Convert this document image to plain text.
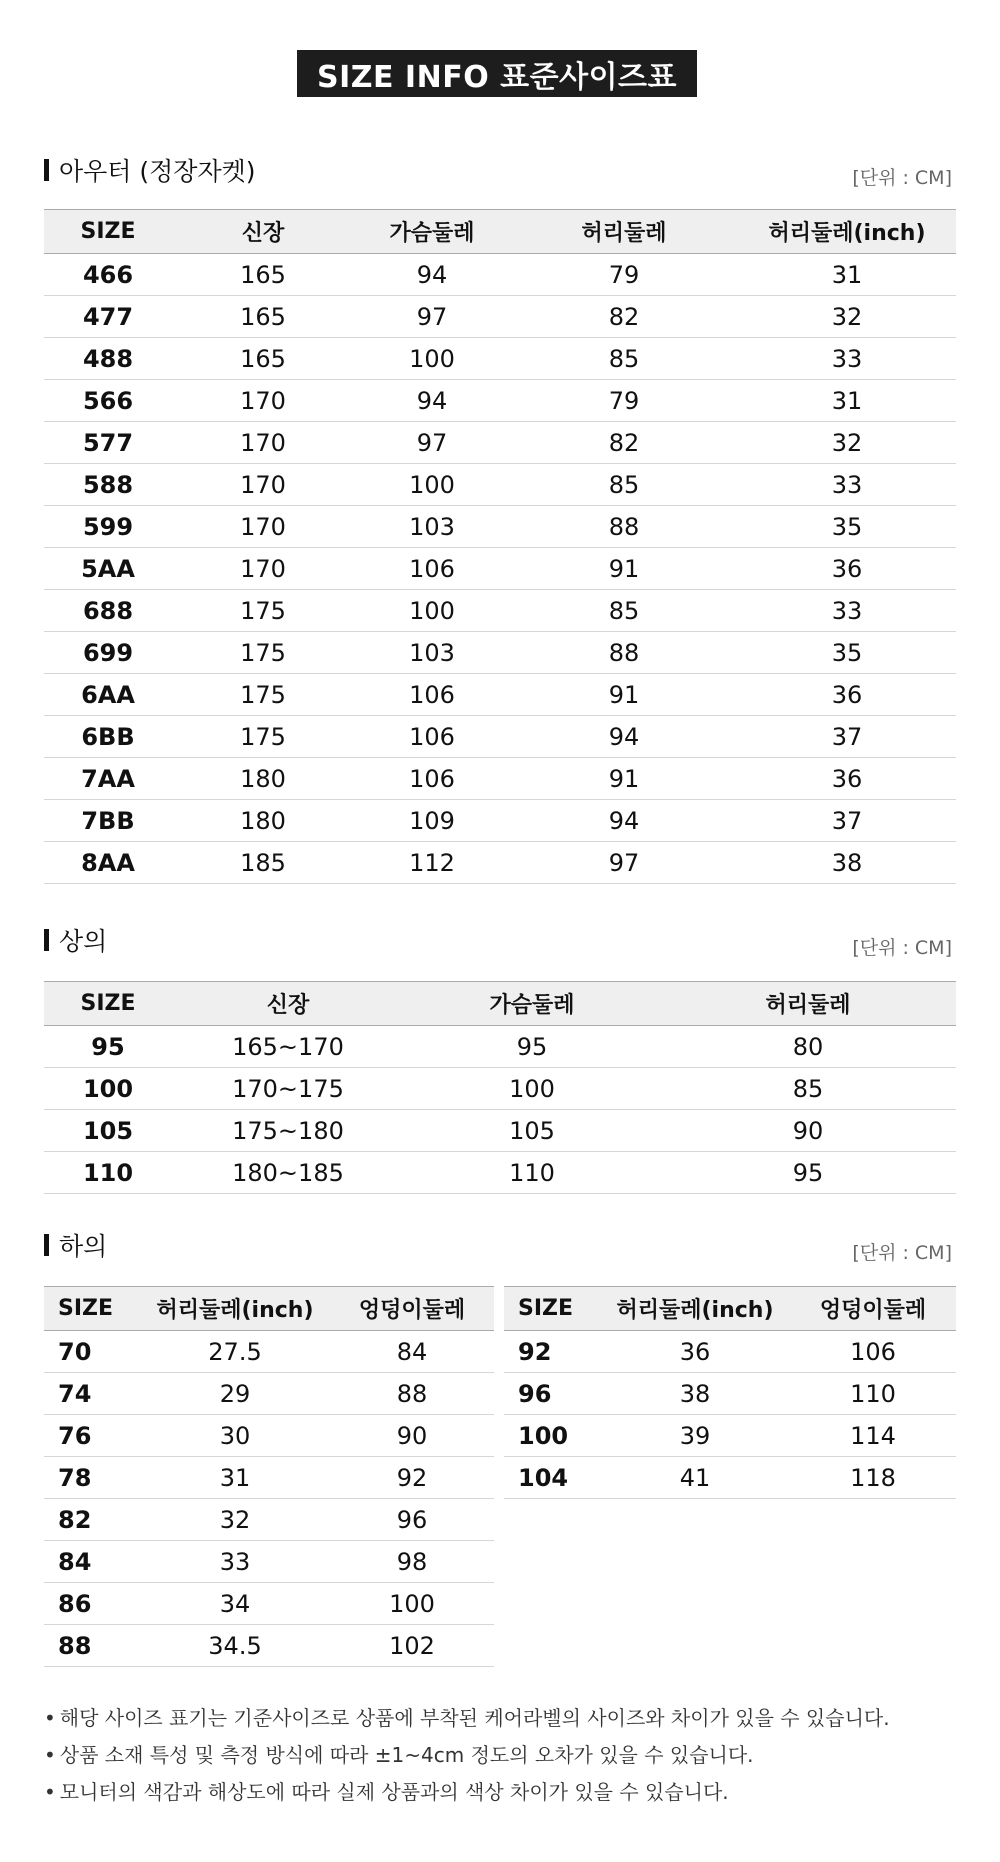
SIZE INFO 표준사이즈표
아우터 (정장자켓)	[단위 : CM]
SIZE	신장	가슴둘레	허리둘레	허리둘레(inch)
466	165	94	79	31
477	165	97	82	32
488	165	100	85	33
566	170	94	79	31
577	170	97	82	32
588	170	100	85	33
599	170	103	88	35
5AA	170	106	91	36
688	175	100	85	33
699	175	103	88	35
6AA	175	106	91	36
6BB	175	106	94	37
7AA	180	106	91	36
7BB	180	109	94	37
8AA	185	112	97	38
상의	[단위 : CM]
SIZE	신장	가슴둘레	허리둘레
95	165~170	95	80
100	170~175	100	85
105	175~180	105	90
110	180~185	110	95
하의	[단위 : CM]
SIZE	허리둘레(inch)	엉덩이둘레
70	27.5	84
74	29	88
76	30	90
78	31	92
82	32	96
84	33	98
86	34	100
88	34.5	102
SIZE	허리둘레(inch)	엉덩이둘레
92	36	106
96	38	110
100	39	114
104	41	118
• 해당 사이즈 표기는 기준사이즈로 상품에 부착된 케어라벨의 사이즈와 차이가 있을 수 있습니다.
• 상품 소재 특성 및 측정 방식에 따라 ±1~4cm 정도의 오차가 있을 수 있습니다.
• 모니터의 색감과 해상도에 따라 실제 상품과의 색상 차이가 있을 수 있습니다.
